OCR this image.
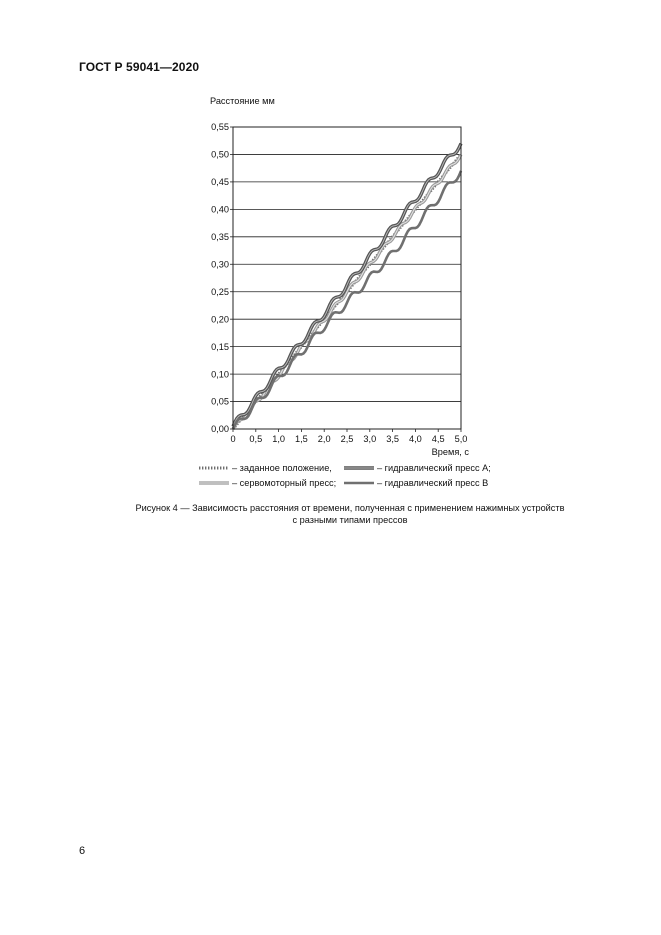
ГОСТ Р 59041—2020
0,00
0,05
0,10
0,15
0,20
0,25
0,30
0,35
0,40
0,45
0,50
0,55
0 0,5 1,0 1,5 2,0 2,5 3,0 3,5 4,0 4,5 5,0
Расстояние мм
Время, с
– заданное положение,
– сервомоторный пресс;
– гидравлический пресс А;
– гидравлический пресс В
Рисунок 4 — Зависимость расстояния от времени, полученная с применением нажимных устройств
с разными типами прессов
6
